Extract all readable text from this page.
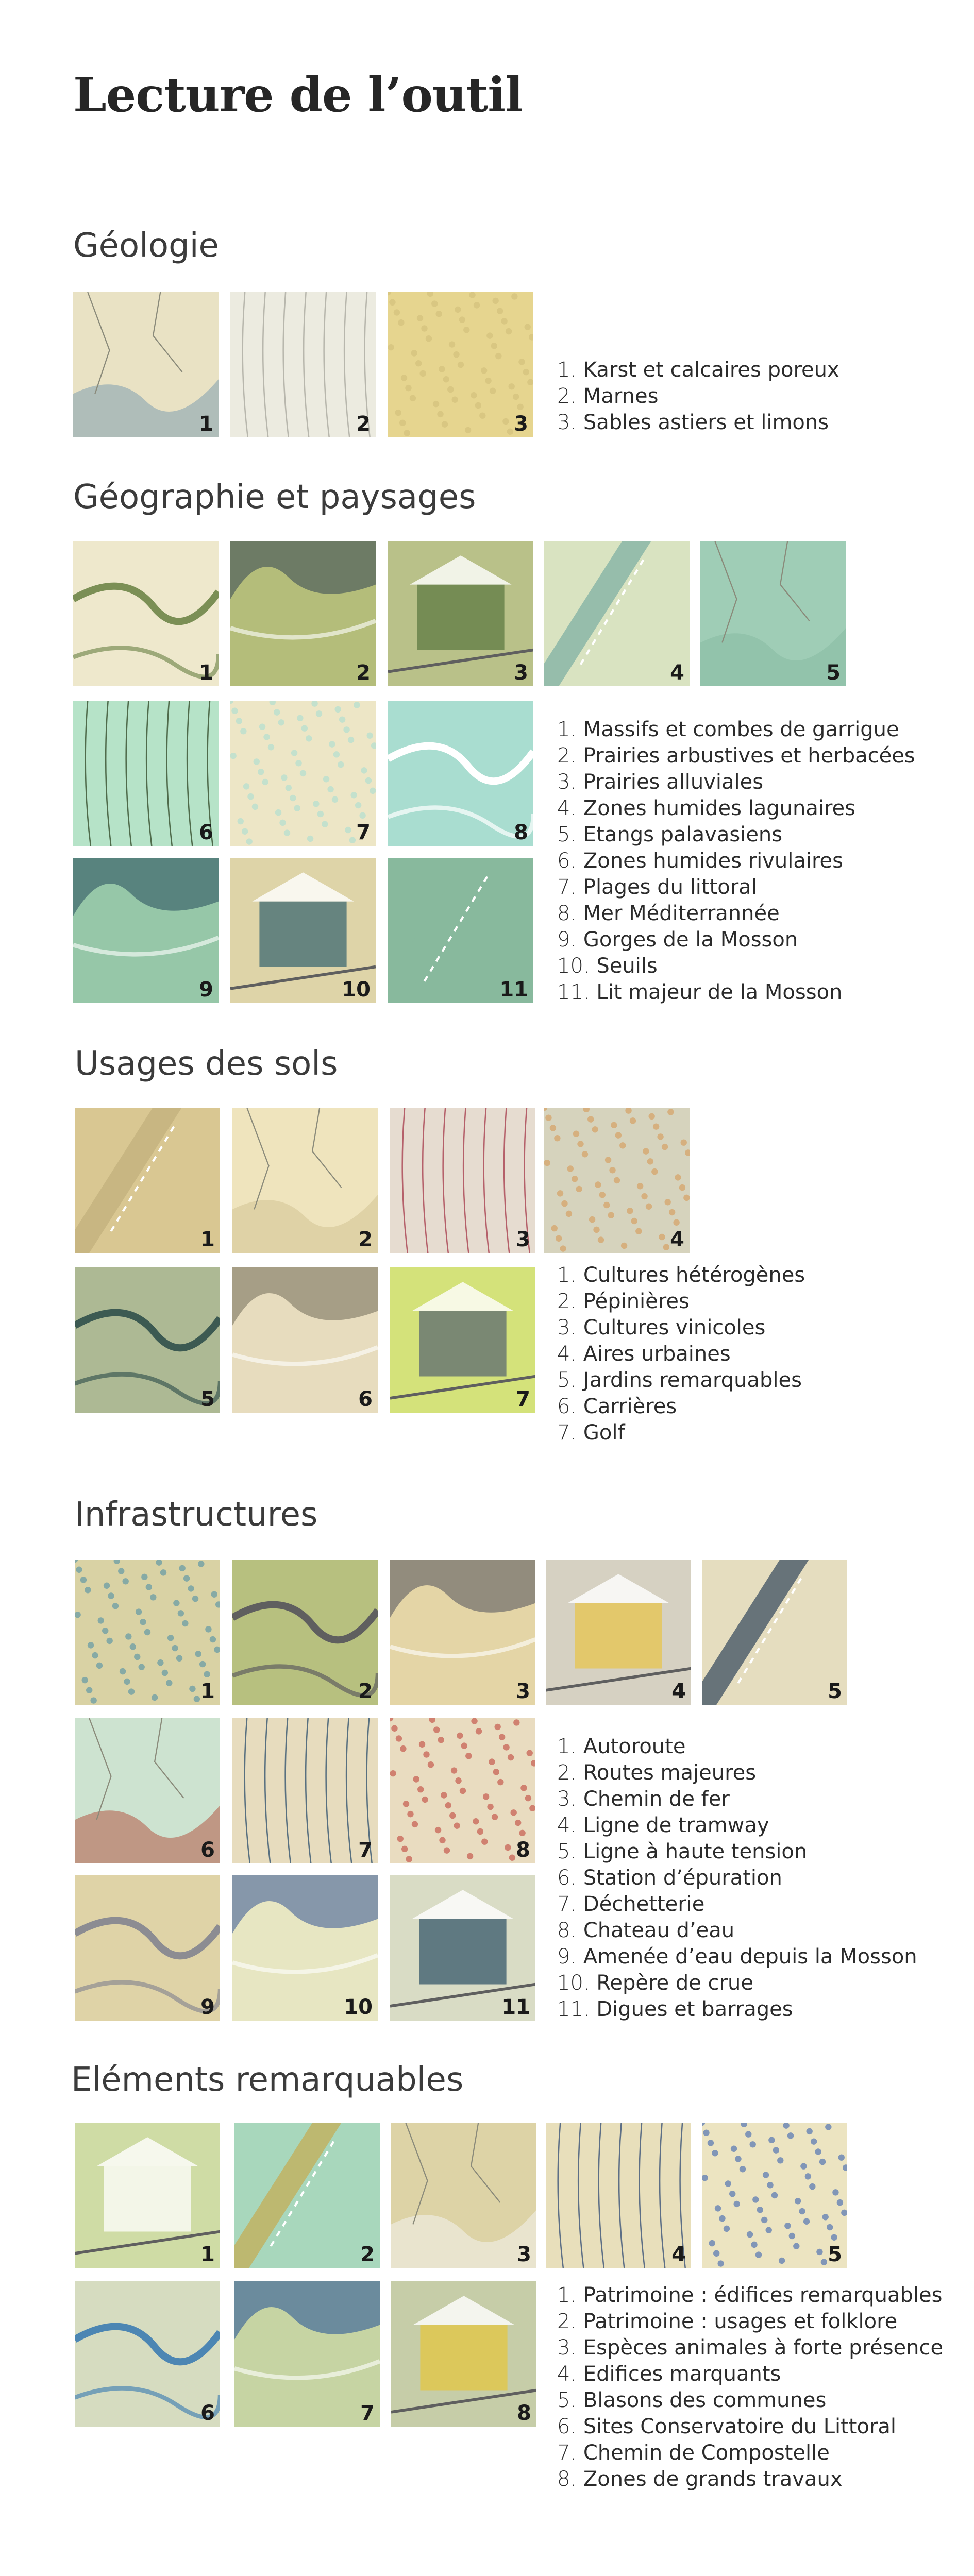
Lecture de l’outil
Géologie
1	2	3
1. Karst et calcaires poreux
2. Marnes
3. Sables astiers et limons
Géographie et paysages
1	2	3	4	5
6	7	8
9	10	11
1. Massifs et combes de garrigue
2. Prairies arbustives et herbacées
3. Prairies alluviales
4. Zones humides lagunaires
5. Etangs palavasiens
6. Zones humides rivulaires
7. Plages du littoral
8. Mer Méditerrannée
9. Gorges de la Mosson
10. Seuils
11. Lit majeur de la Mosson
Usages des sols
1	2	3	4
5	6	7
1. Cultures hétérogènes
2. Pépinières
3. Cultures vinicoles
4. Aires urbaines
5. Jardins remarquables
6. Carrières
7. Golf
Infrastructures
1	2	3	4	5
6	7	8
9	10	11
1. Autoroute
2. Routes majeures
3. Chemin de fer
4. Ligne de tramway
5. Ligne à haute tension
6. Station d’épuration
7. Déchetterie
8. Chateau d’eau
9. Amenée d’eau depuis la Mosson
10. Repère de crue
11. Digues et barrages
Eléments remarquables
1	2	3	4	5
6	7	8
1. Patrimoine : édifices remarquables
2. Patrimoine : usages et folklore
3. Espèces animales à forte présence
4. Edifices marquants
5. Blasons des communes
6. Sites Conservatoire du Littoral
7. Chemin de Compostelle
8. Zones de grands travaux
